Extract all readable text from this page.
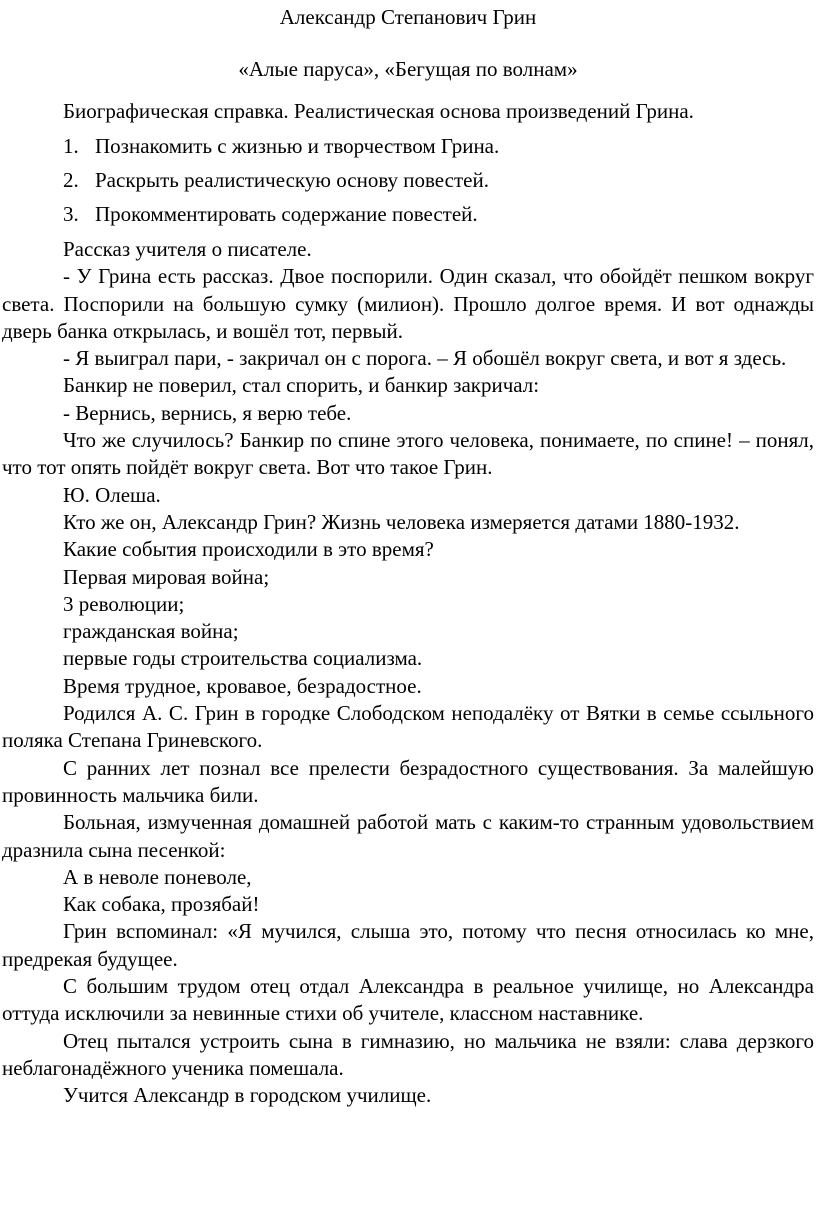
Александр Степанович Грин

«Алые паруса», «Бегущая по волнам»

Биографическая справка. Реалистическая основа произведений Грина.

1. Познакомить с жизнью и творчеством Грина.
2. Раскрыть реалистическую основу повестей.
3. Прокомментировать содержание повестей.

Рассказ учителя о писателе.

- У Грина есть рассказ. Двое поспорили. Один сказал, что обойдёт пешком вокруг света. Поспорили на большую сумку (милион). Прошло долгое время. И вот однажды дверь банка открылась, и вошёл тот, первый.

- Я выиграл пари, - закричал он с порога. – Я обошёл вокруг света, и вот я здесь.

Банкир не поверил, стал спорить, и банкир закричал:

- Вернись, вернись, я верю тебе.

Что же случилось? Банкир по спине этого человека, понимаете, по спине! – понял, что тот опять пойдёт вокруг света. Вот что такое Грин.

Ю. Олеша.

Кто же он, Александр Грин? Жизнь человека измеряется датами 1880-1932.

Какие события происходили в это время?

Первая мировая война;

3 революции;

гражданская война;

первые годы строительства социализма.

Время трудное, кровавое, безрадостное.

Родился А. С. Грин в городке Слободском неподалёку от Вятки в семье ссыльного поляка Степана Гриневского.

С ранних лет познал все прелести безрадостного существования. За малейшую провинность мальчика били.

Больная, измученная домашней работой мать с каким-то странным удовольствием дразнила сына песенкой:

А в неволе поневоле,

Как собака, прозябай!

Грин вспоминал: «Я мучился, слыша это, потому что песня относилась ко мне, предрекая будущее.

С большим трудом отец отдал Александра в реальное училище, но Александра оттуда исключили за невинные стихи об учителе, классном наставнике.

Отец пытался устроить сына в гимназию, но мальчика не взяли: слава дерзкого неблагонадёжного ученика помешала.

Учится Александр в городском училище.
